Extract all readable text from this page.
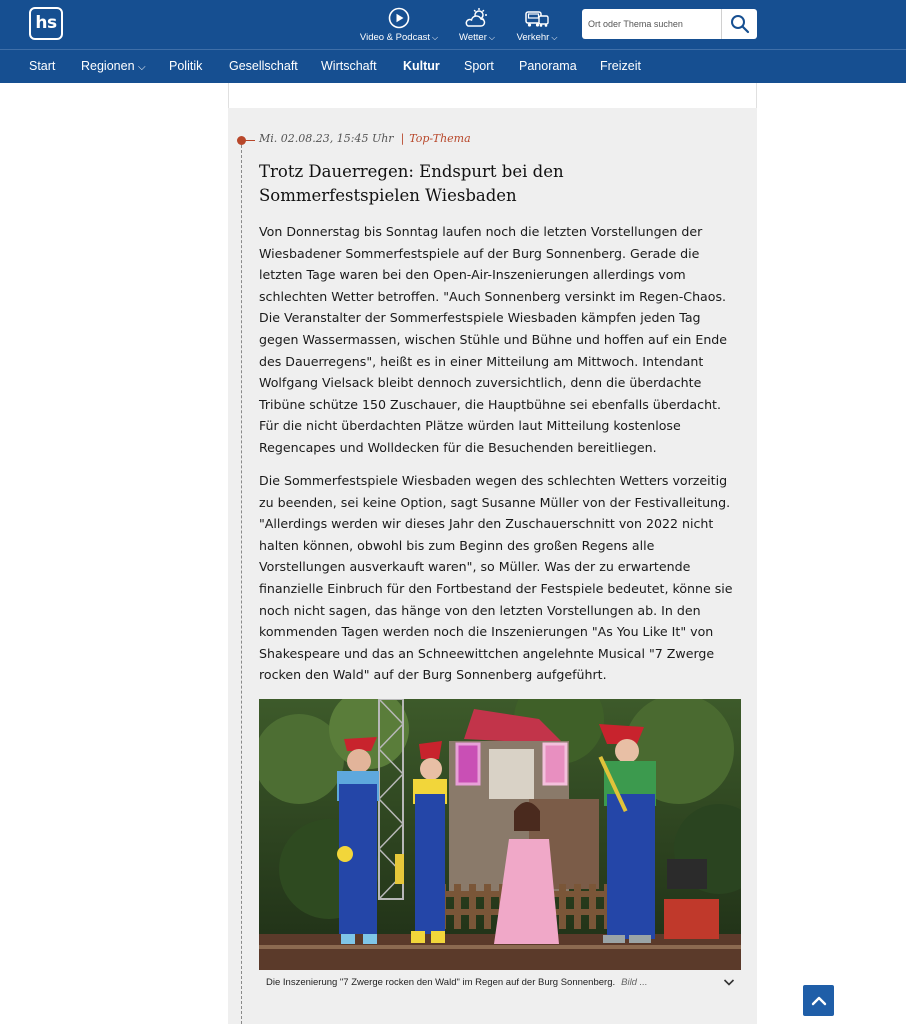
hs
Video & Podcast ⌵	Wetter ⌵	Verkehr ⌵
Ort oder Thema suchen
Start Regionen ⌵ Politik Gesellschaft Wirtschaft Kultur Sport Panorama Freizeit
Mi. 02.08.23, 15:45 Uhr | Top-Thema
Trotz Dauerregen: Endspurt bei den Sommerfestspielen Wiesbaden

Von Donnerstag bis Sonntag laufen noch die letzten Vorstellungen der Wiesbadener Sommerfestspiele auf der Burg Sonnenberg. Gerade die letzten Tage waren bei den Open-Air-Inszenierungen allerdings vom schlechten Wetter betroffen. "Auch Sonnenberg versinkt im Regen-Chaos. Die Veranstalter der Sommerfestspiele Wiesbaden kämpfen jeden Tag gegen Wassermassen, wischen Stühle und Bühne und hoffen auf ein Ende des Dauerregens", heißt es in einer Mitteilung am Mittwoch. Intendant Wolfgang Vielsack bleibt dennoch zuversichtlich, denn die überdachte Tribüne schütze 150 Zuschauer, die Hauptbühne sei ebenfalls überdacht. Für die nicht überdachten Plätze würden laut Mitteilung kostenlose Regencapes und Wolldecken für die Besuchenden bereitliegen.

Die Sommerfestspiele Wiesbaden wegen des schlechten Wetters vorzeitig zu beenden, sei keine Option, sagt Susanne Müller von der Festivalleitung. "Allerdings werden wir dieses Jahr den Zuschauerschnitt von 2022 nicht halten können, obwohl bis zum Beginn des großen Regens alle Vorstellungen ausverkauft waren", so Müller. Was der zu erwartende finanzielle Einbruch für den Fortbestand der Festspiele bedeutet, könne sie noch nicht sagen, das hänge von den letzten Vorstellungen ab. In den kommenden Tagen werden noch die Inszenierungen "As You Like It" von Shakespeare und das an Schneewittchen angelehnte Musical "7 Zwerge rocken den Wald" auf der Burg Sonnenberg aufgeführt.

Die Inszenierung "7 Zwerge rocken den Wald" im Regen auf der Burg Sonnenberg. Bild ...
